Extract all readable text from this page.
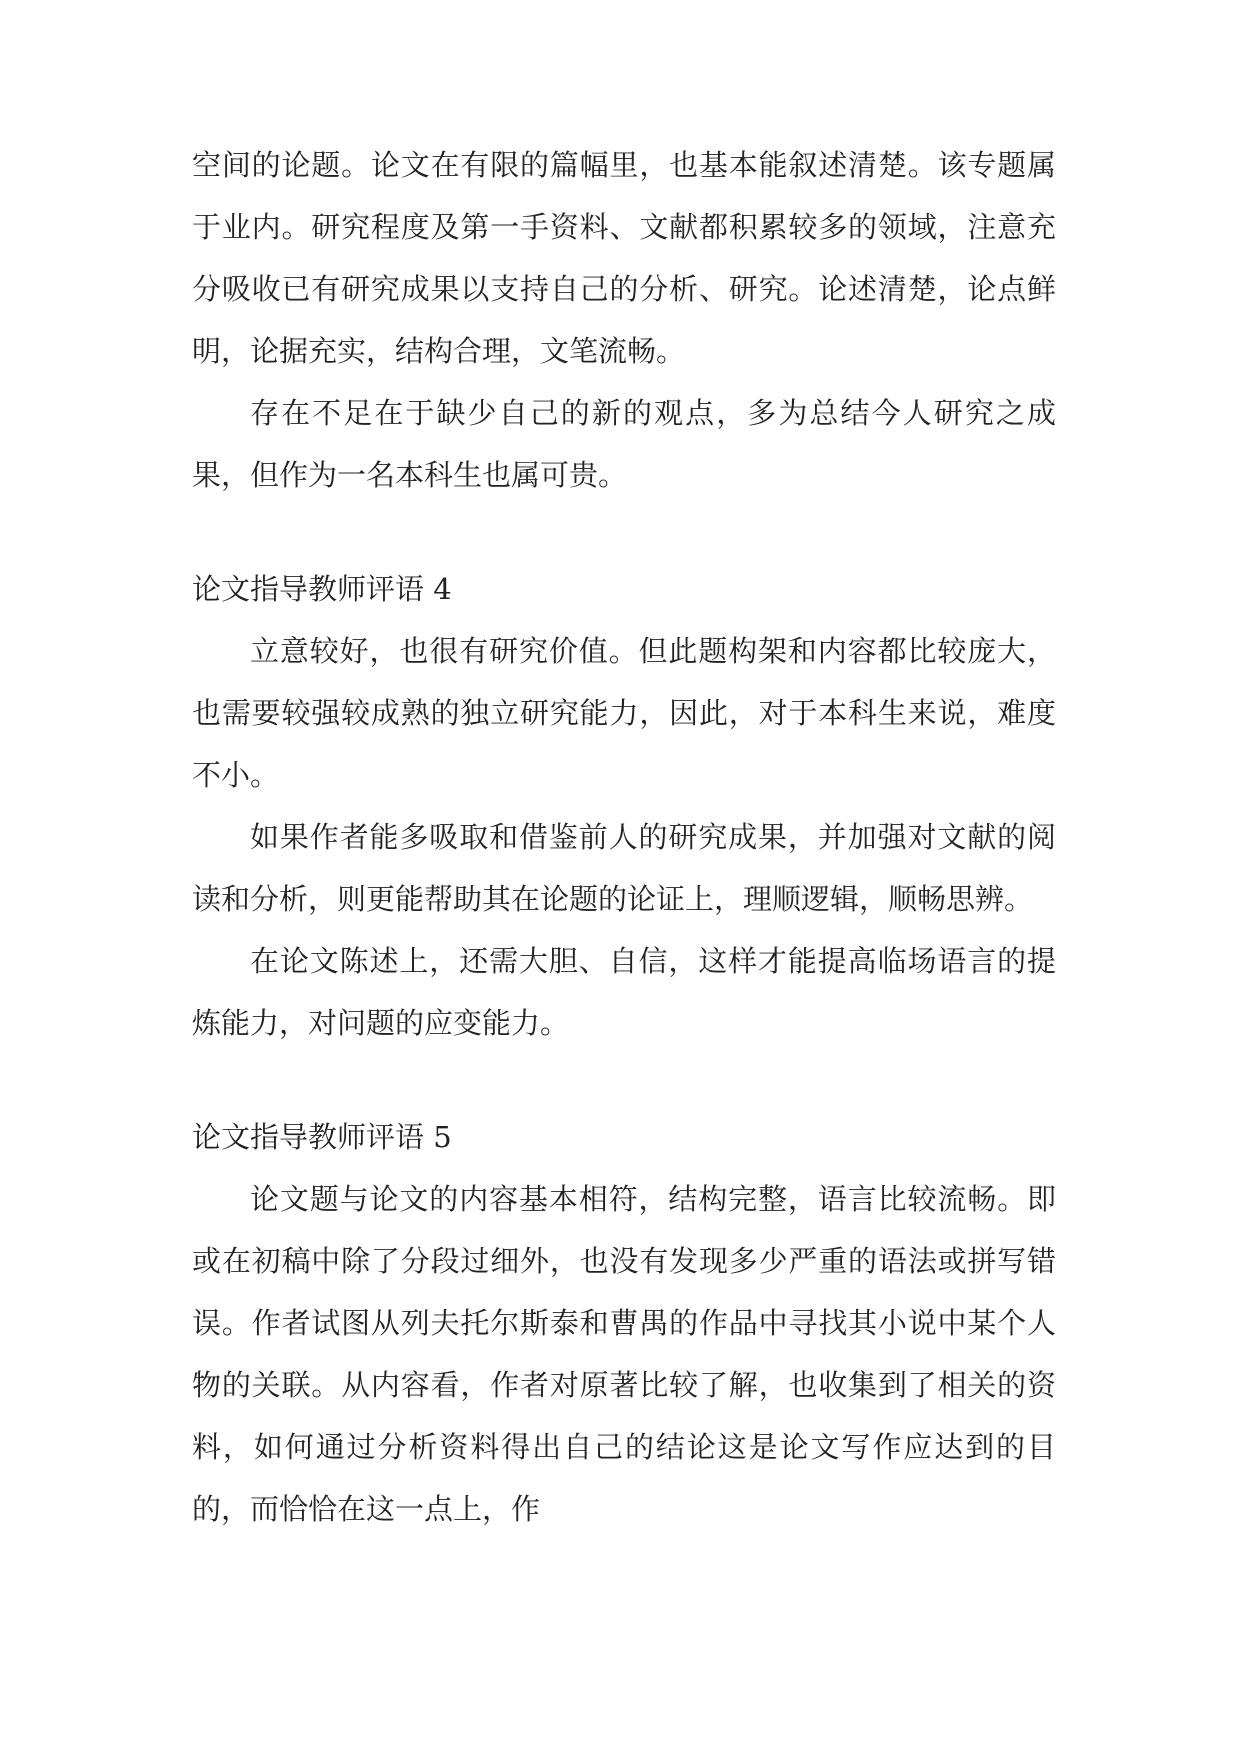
空间的论题。论文在有限的篇幅里，也基本能叙述清楚。该专题属于业内。研究程度及第一手资料、文献都积累较多的领域，注意充分吸收已有研究成果以支持自己的分析、研究。论述清楚，论点鲜明，论据充实，结构合理，文笔流畅。

存在不足在于缺少自己的新的观点，多为总结今人研究之成果，但作为一名本科生也属可贵。

论文指导教师评语 4

立意较好，也很有研究价值。但此题构架和内容都比较庞大，也需要较强较成熟的独立研究能力，因此，对于本科生来说，难度不小。

如果作者能多吸取和借鉴前人的研究成果，并加强对文献的阅读和分析，则更能帮助其在论题的论证上，理顺逻辑，顺畅思辨。

在论文陈述上，还需大胆、自信，这样才能提高临场语言的提炼能力，对问题的应变能力。

论文指导教师评语 5

论文题与论文的内容基本相符，结构完整，语言比较流畅。即或在初稿中除了分段过细外，也没有发现多少严重的语法或拼写错误。作者试图从列夫托尔斯泰和曹禺的作品中寻找其小说中某个人物的关联。从内容看，作者对原著比较了解，也收集到了相关的资料，如何通过分析资料得出自己的结论这是论文写作应达到的目的，而恰恰在这一点上，作
